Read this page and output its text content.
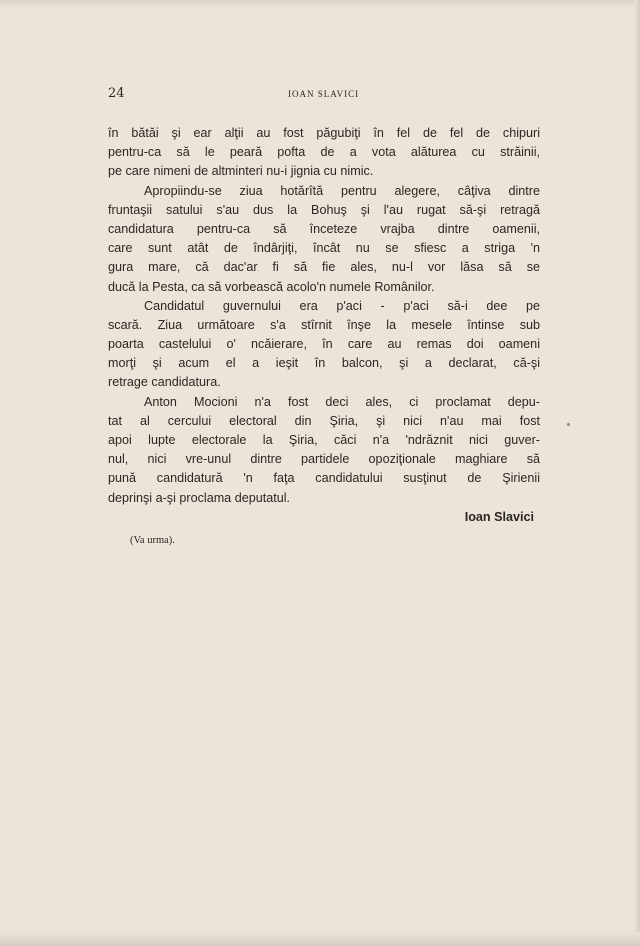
24	IOAN SLAVICI
în bătăi şi ear alţii au fost păgubiţi în fel de fel de chipuri
pentru-ca să le peară pofta de a vota alăturea cu străinii,
pe care nimeni de altminteri nu-i jignia cu nimic.
Apropiindu-se ziua hotărîtă pentru alegere, câţiva dintre
fruntaşii satului s'au dus la Bohuş şi l'au rugat să-şi retragă
candidatura pentru-ca să înceteze vrajba dintre oamenii,
care sunt atât de îndârjiţi, încât nu se sfiesc a striga 'n
gura mare, că dac'ar fi să fie ales, nu-l vor lăsa să se
ducă la Pesta, ca să vorbească acolo'n numele Românilor.
Candidatul guvernului era p'aci - p'aci să-i dee pe
scară. Ziua următoare s'a stîrnit înşe la mesele întinse sub
poarta castelului o' ncăierare, în care au remas doi oameni
morţi şi acum el a ieşit în balcon, şi a declarat, că-şi
retrage candidatura.
Anton Mocioni n'a fost deci ales, ci proclamat depu-
tat al cercului electoral din Şiria, şi nici n'au mai fost
apoi lupte electorale la Şiria, căci n'a 'ndrăznit nici guver-
nul, nici vre-unul dintre partidele opoziţionale maghiare să
pună candidatură 'n faţa candidatului susţinut de Şirienii
deprinşi a-şi proclama deputatul.
Ioan Slavici
(Va urma).
